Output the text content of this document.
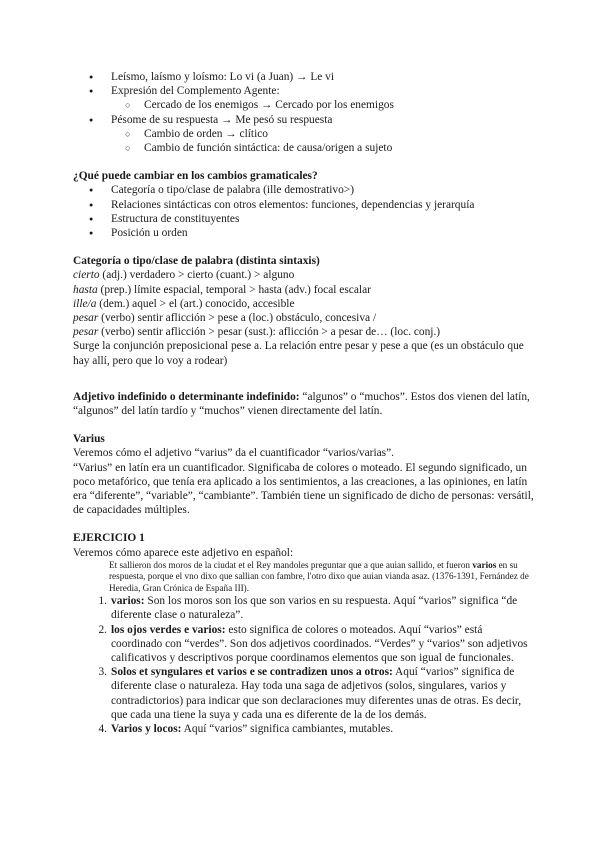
● Leísmo, laísmo y loísmo: Lo vi (a Juan) → Le vi
● Expresión del Complemento Agente:
○ Cercado de los enemigos → Cercado por los enemigos
● Pésome de su respuesta → Me pesó su respuesta
○ Cambio de orden → clítico
○ Cambio de función sintáctica: de causa/origen a sujeto
¿Qué puede cambiar en los cambios gramaticales?
● Categoría o tipo/clase de palabra (ille demostrativo>)
● Relaciones sintácticas con otros elementos: funciones, dependencias y jerarquía
● Estructura de constituyentes
● Posición u orden
Categoría o tipo/clase de palabra (distinta sintaxis)
cierto (adj.) verdadero > cierto (cuant.) > alguno
hasta (prep.) límite espacial, temporal > hasta (adv.) focal escalar
ille/a (dem.) aquel > el (art.) conocido, accesible
pesar (verbo) sentir aflicción > pese a (loc.) obstáculo, concesiva /
pesar (verbo) sentir aflicción > pesar (sust.): aflicción > a pesar de… (loc. conj.)
Surge la conjunción preposicional pese a. La relación entre pesar y pese a que (es un obstáculo que hay allí, pero que lo voy a rodear)
Adjetivo indefinido o determinante indefinido: “algunos” o “muchos”. Estos dos vienen del latín, “algunos” del latín tardío y “muchos” vienen directamente del latín.
Varius
Veremos cómo el adjetivo “varius” da el cuantificador “varios/varias”.
“Varius” en latín era un cuantificador. Significaba de colores o moteado. El segundo significado, un poco metafórico, que tenía era aplicado a los sentimientos, a las creaciones, a las opiniones, en latín era “diferente”, “variable”, “cambiante”. También tiene un significado de dicho de personas: versátil, de capacidades múltiples.
EJERCICIO 1
Veremos cómo aparece este adjetivo en español:
Et sallieron dos moros de la ciudat et el Rey mandoles preguntar que a que auian sallido, et fueron varios en su respuesta, porque el vno dixo que sallian con fambre, l'otro dixo que auian vianda asaz. (1376-1391, Fernández de Heredia, Gran Crónica de España III).
1. varios: Son los moros son los que son varios en su respuesta. Aquí “varios” significa “de diferente clase o naturaleza”.
2. los ojos verdes e varios: esto significa de colores o moteados. Aquí “varios” está coordinado con “verdes”. Son dos adjetivos coordinados. “Verdes” y “varios” son adjetivos calificativos y descriptivos porque coordinamos elementos que son igual de funcionales.
3. Solos et syngulares et varios e se contradizen unos a otros: Aquí “varios” significa de diferente clase o naturaleza. Hay toda una saga de adjetivos (solos, singulares, varios y contradictorios) para indicar que son declaraciones muy diferentes unas de otras. Es decir, que cada una tiene la suya y cada una es diferente de la de los demás.
4. Varios y locos: Aquí “varios” significa cambiantes, mutables.
